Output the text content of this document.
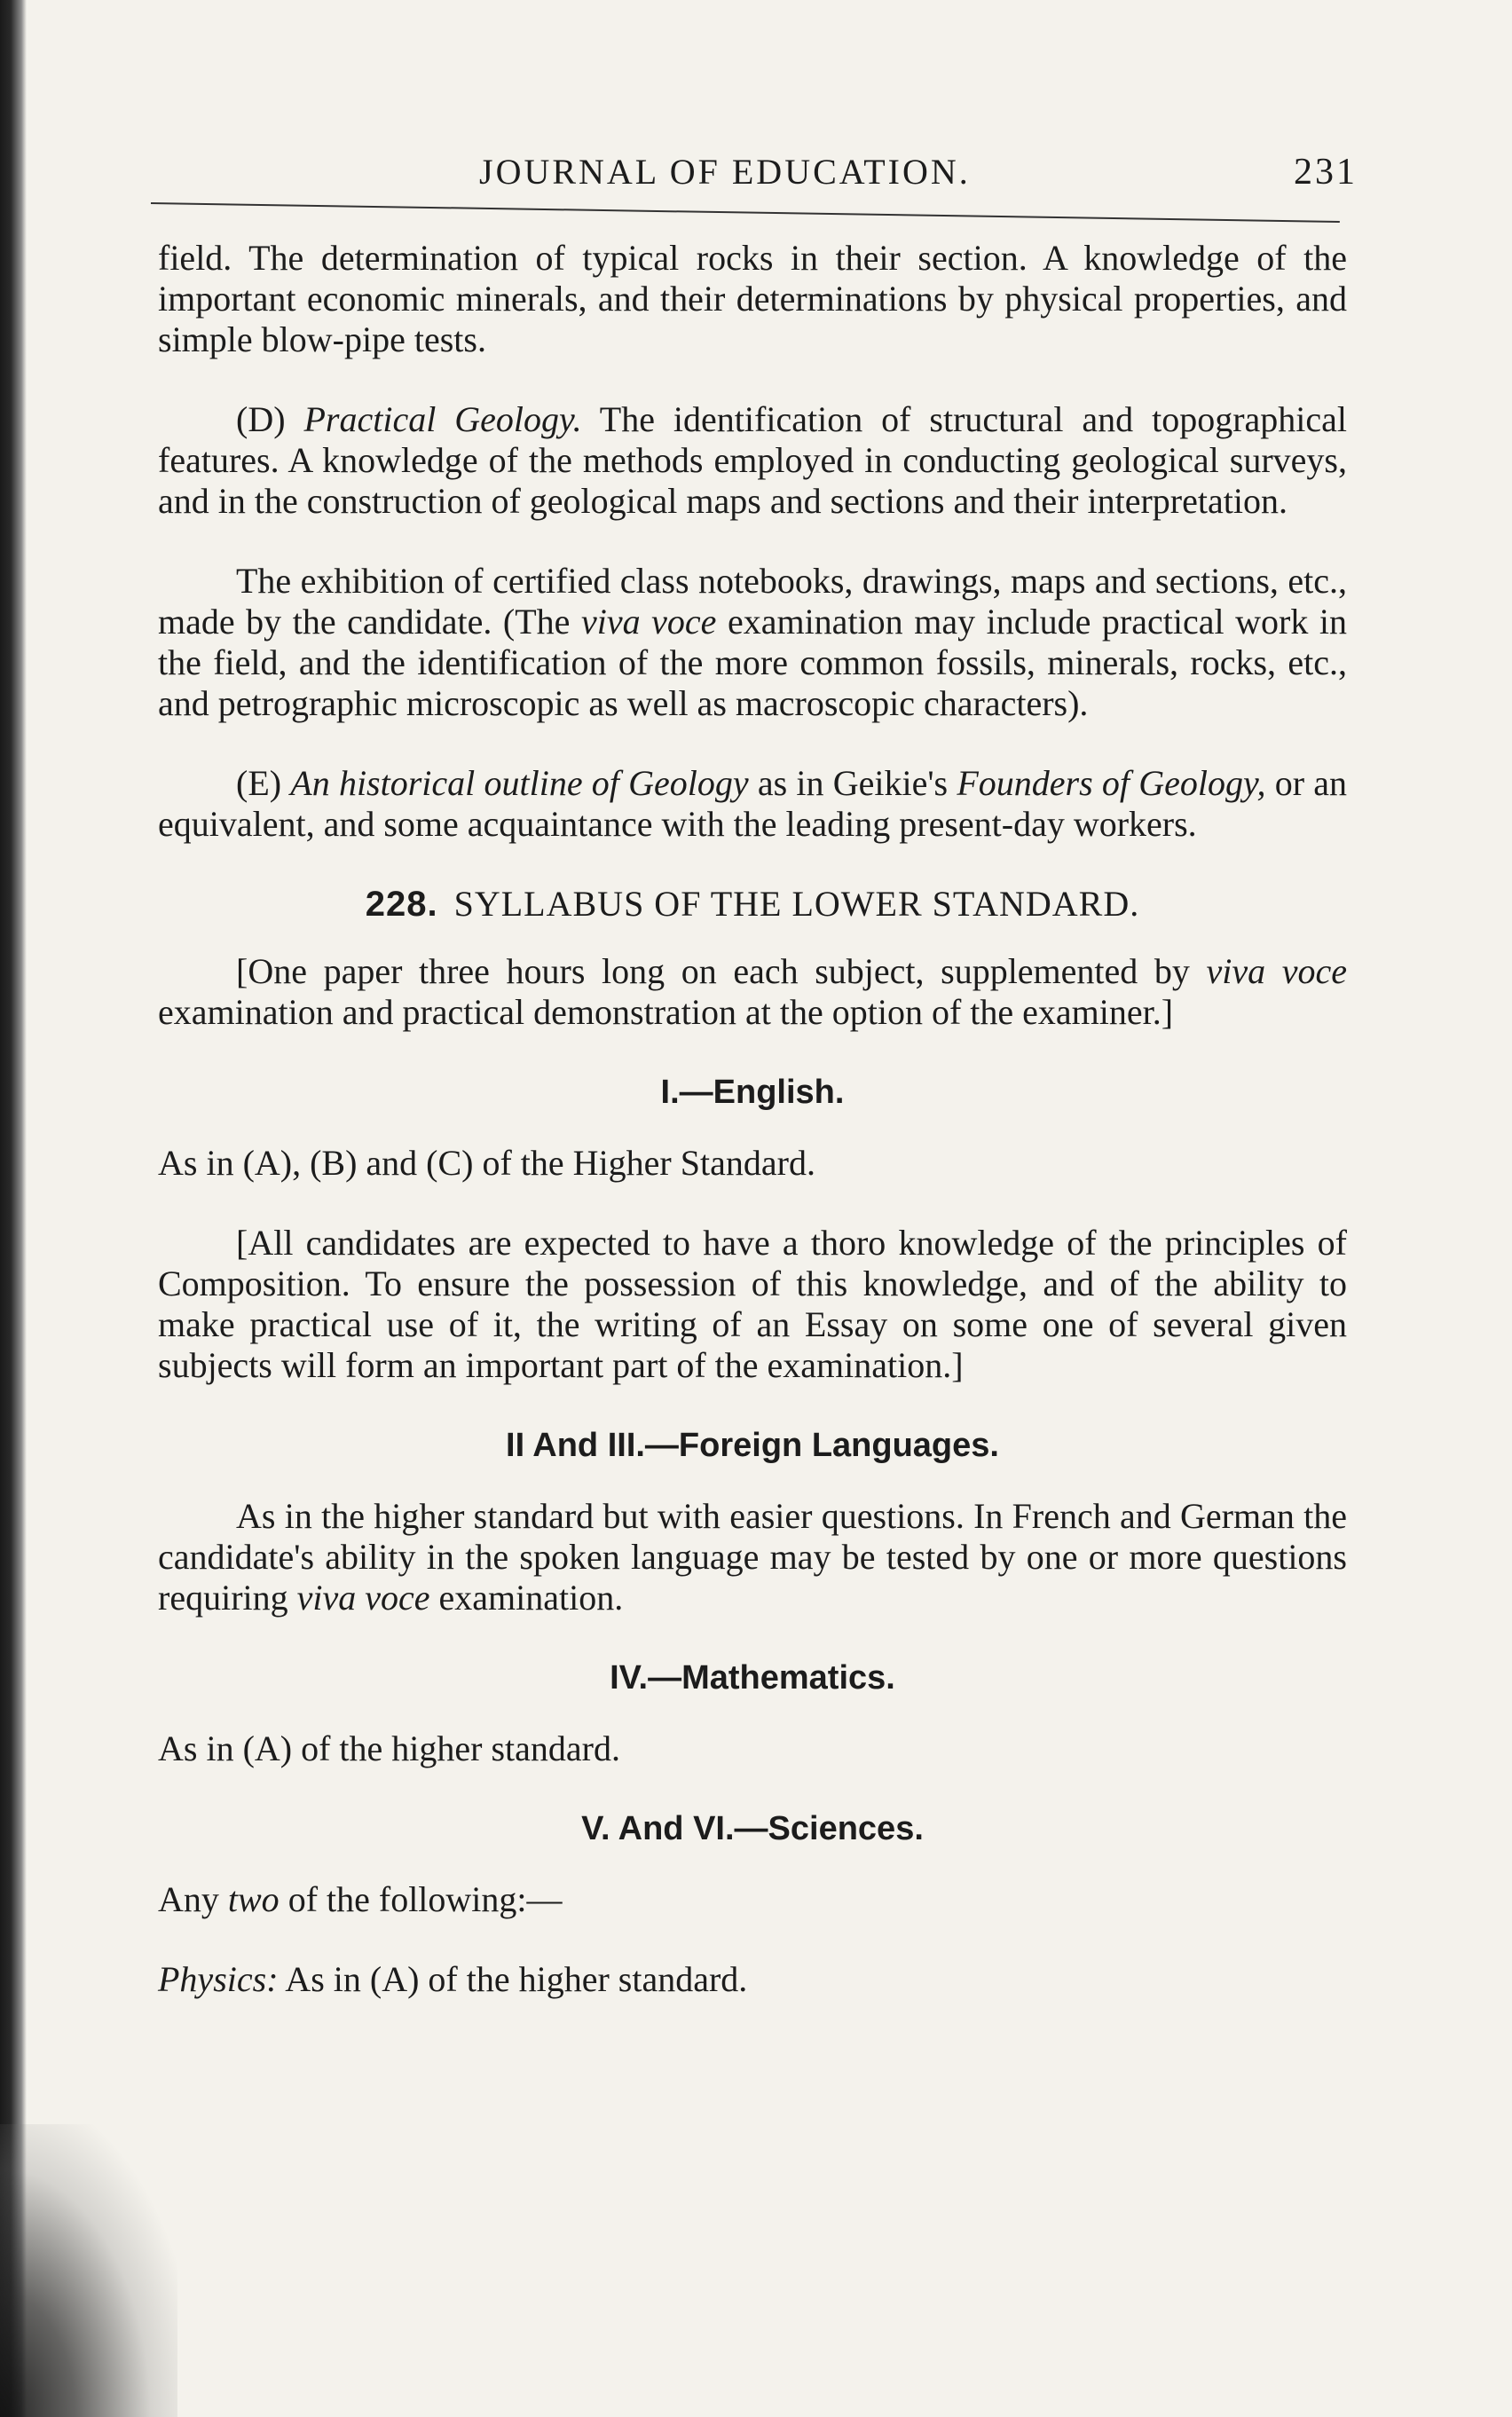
JOURNAL OF EDUCATION.	231

field. The determination of typical rocks in their section. A knowledge of the important economic minerals, and their determinations by physical properties, and simple blow-pipe tests.

(D) Practical Geology. The identification of structural and topographical features. A knowledge of the methods employed in conducting geological surveys, and in the construction of geological maps and sections and their interpretation.

The exhibition of certified class notebooks, drawings, maps and sections, etc., made by the candidate. (The viva voce examination may include practical work in the field, and the identification of the more common fossils, minerals, rocks, etc., and petrographic microscopic as well as macroscopic characters).

(E) An historical outline of Geology as in Geikie's Founders of Geology, or an equivalent, and some acquaintance with the leading present-day workers.

228. SYLLABUS OF THE LOWER STANDARD.

[One paper three hours long on each subject, supplemented by viva voce examination and practical demonstration at the option of the examiner.]

I.—English.

As in (A), (B) and (C) of the Higher Standard.

[All candidates are expected to have a thoro knowledge of the principles of Composition. To ensure the possession of this knowledge, and of the ability to make practical use of it, the writing of an Essay on some one of several given subjects will form an important part of the examination.]

II And III.—Foreign Languages.

As in the higher standard but with easier questions. In French and German the candidate's ability in the spoken language may be tested by one or more questions requiring viva voce examination.

IV.—Mathematics.

As in (A) of the higher standard.

V. And VI.—Sciences.

Any two of the following:—

Physics: As in (A) of the higher standard.
